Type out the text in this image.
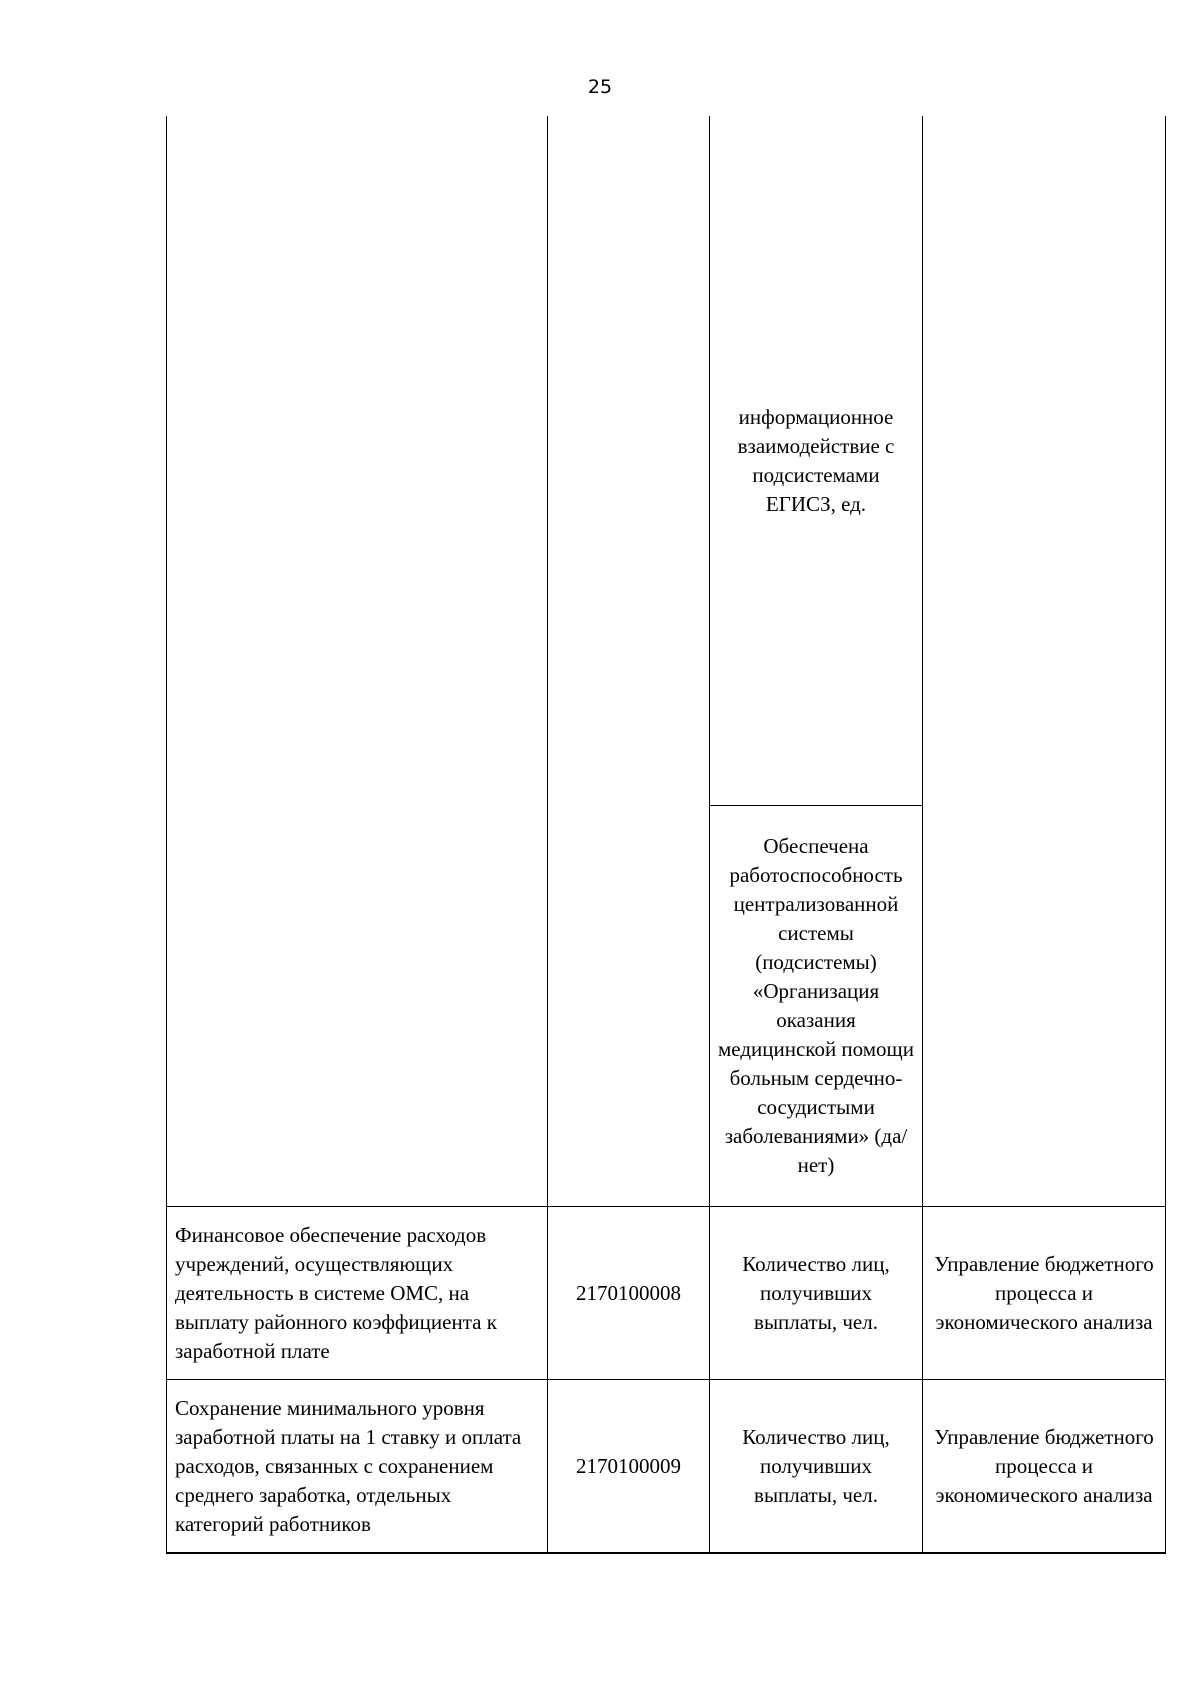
25

		информационное взаимодействие с подсистемами ЕГИСЗ, ед.	

		Обеспечена работоспособность централизованной системы (подсистемы) «Организация оказания медицинской помощи больным сердечно-сосудистыми заболеваниями» (да/нет)	

Финансовое обеспечение расходов учреждений, осуществляющих деятельность в системе ОМС, на выплату районного коэффициента к заработной плате	2170100008	Количество лиц, получивших выплаты, чел.	Управление бюджетного процесса и экономического анализа
Сохранение минимального уровня заработной платы на 1 ставку и оплата расходов, связанных с сохранением среднего заработка, отдельных категорий работников	2170100009	Количество лиц, получивших выплаты, чел.	Управление бюджетного процесса и экономического анализа
